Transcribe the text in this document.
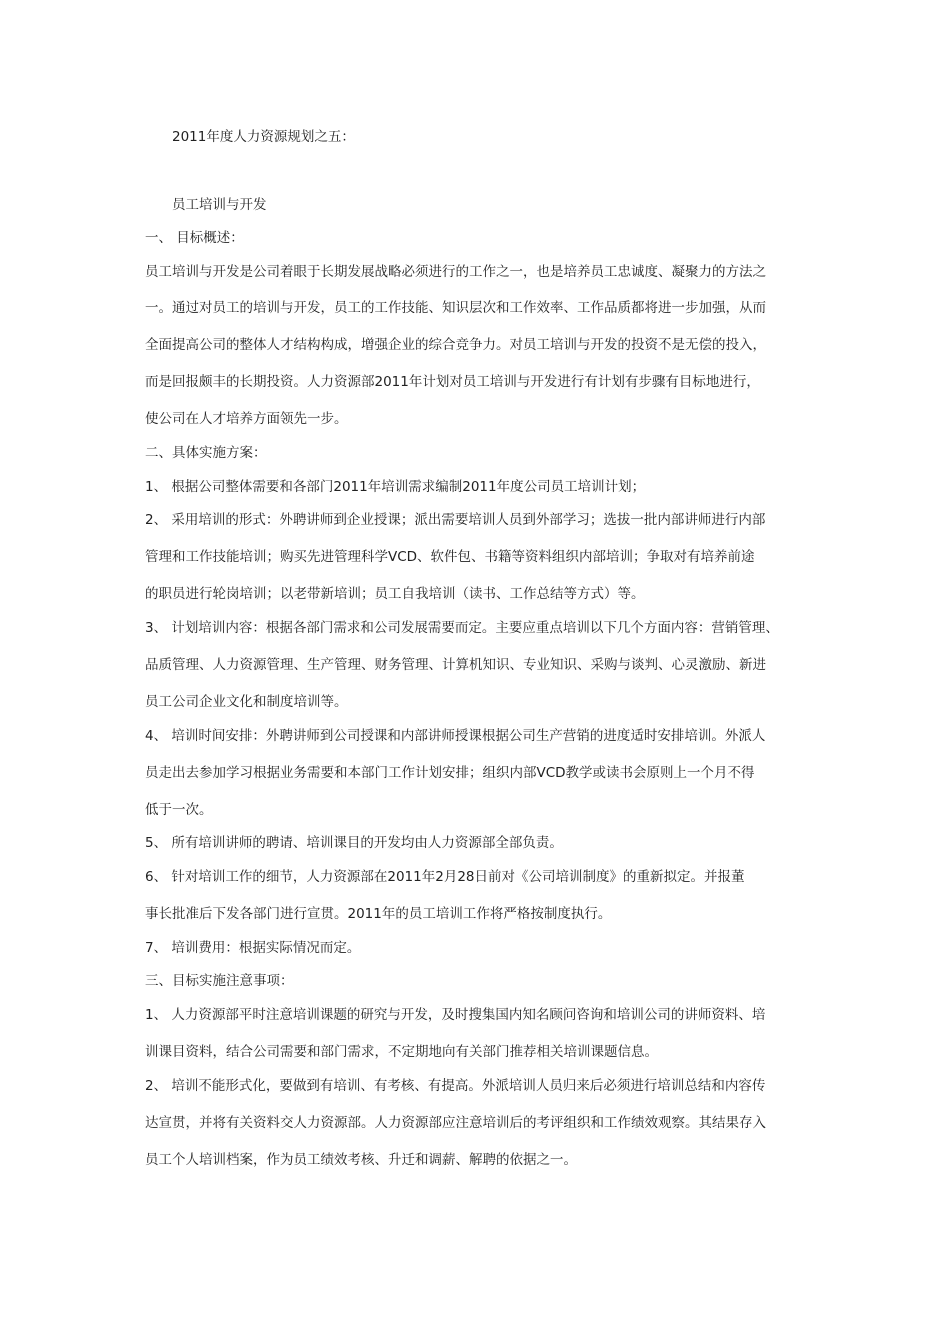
2011年度人力资源规划之五：
员工培训与开发
一、 目标概述：
员工培训与开发是公司着眼于长期发展战略必须进行的工作之一，也是培养员工忠诚度、凝聚力的方法之
一。通过对员工的培训与开发，员工的工作技能、知识层次和工作效率、工作品质都将进一步加强，从而
全面提高公司的整体人才结构构成，增强企业的综合竞争力。对员工培训与开发的投资不是无偿的投入，
而是回报颇丰的长期投资。人力资源部2011年计划对员工培训与开发进行有计划有步骤有目标地进行，
使公司在人才培养方面领先一步。
二、具体实施方案：
1、 根据公司整体需要和各部门2011年培训需求编制2011年度公司员工培训计划；
2、 采用培训的形式：外聘讲师到企业授课；派出需要培训人员到外部学习；选拔一批内部讲师进行内部
管理和工作技能培训；购买先进管理科学VCD、软件包、书籍等资料组织内部培训；争取对有培养前途
的职员进行轮岗培训；以老带新培训；员工自我培训（读书、工作总结等方式）等。
3、 计划培训内容：根据各部门需求和公司发展需要而定。主要应重点培训以下几个方面内容：营销管理、
品质管理、人力资源管理、生产管理、财务管理、计算机知识、专业知识、采购与谈判、心灵激励、新进
员工公司企业文化和制度培训等。
4、 培训时间安排：外聘讲师到公司授课和内部讲师授课根据公司生产营销的进度适时安排培训。外派人
员走出去参加学习根据业务需要和本部门工作计划安排；组织内部VCD教学或读书会原则上一个月不得
低于一次。
5、 所有培训讲师的聘请、培训课目的开发均由人力资源部全部负责。
6、 针对培训工作的细节，人力资源部在2011年2月28日前对《公司培训制度》的重新拟定。并报董
事长批准后下发各部门进行宣贯。2011年的员工培训工作将严格按制度执行。
7、 培训费用：根据实际情况而定。
三、目标实施注意事项：
1、 人力资源部平时注意培训课题的研究与开发，及时搜集国内知名顾问咨询和培训公司的讲师资料、培
训课目资料，结合公司需要和部门需求，不定期地向有关部门推荐相关培训课题信息。
2、 培训不能形式化，要做到有培训、有考核、有提高。外派培训人员归来后必须进行培训总结和内容传
达宣贯，并将有关资料交人力资源部。人力资源部应注意培训后的考评组织和工作绩效观察。其结果存入
员工个人培训档案，作为员工绩效考核、升迁和调薪、解聘的依据之一。
